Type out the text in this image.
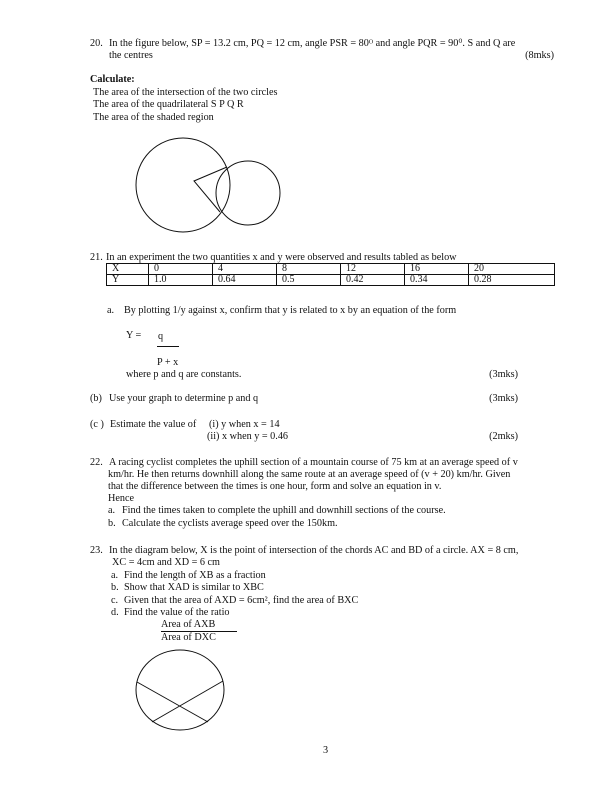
20. In the figure below, SP = 13.2 cm, PQ = 12 cm, angle PSR = 80ᴼ and angle PQR = 90⁰. S and Q are
the centres	(8mks)
Calculate:
The area of the intersection of the two circles
The area of the quadrilateral S P Q R
The area of the shaded region
21. In an experiment the two quantities x and y were observed and results tabled as below
X	0	4	8	12	16	20
Y	1.0	0.64	0.5	0.42	0.34	0.28
a. By plotting 1/y against x, confirm that y is related to x by an equation of the form
Y = q
P + x
where p and q are constants.	(3mks)
(b) Use your graph to determine p and q	(3mks)
(c ) Estimate the value of (i) y when x = 14
(ii) x when y = 0.46	(2mks)
22. A racing cyclist completes the uphill section of a mountain course of 75 km at an average speed of v
km/hr. He then returns downhill along the same route at an average speed of (v + 20) km/hr. Given
that the difference between the times is one hour, form and solve an equation in v.
Hence
a. Find the times taken to complete the uphill and downhill sections of the course.
b. Calculate the cyclists average speed over the 150km.
23. In the diagram below, X is the point of intersection of the chords AC and BD of a circle. AX = 8 cm,
XC = 4cm and XD = 6 cm
a. Find the length of XB as a fraction
b. Show that XAD is similar to XBC
c. Given that the area of AXD = 6cm², find the area of BXC
d. Find the value of the ratio
Area of AXB
Area of DXC
3
